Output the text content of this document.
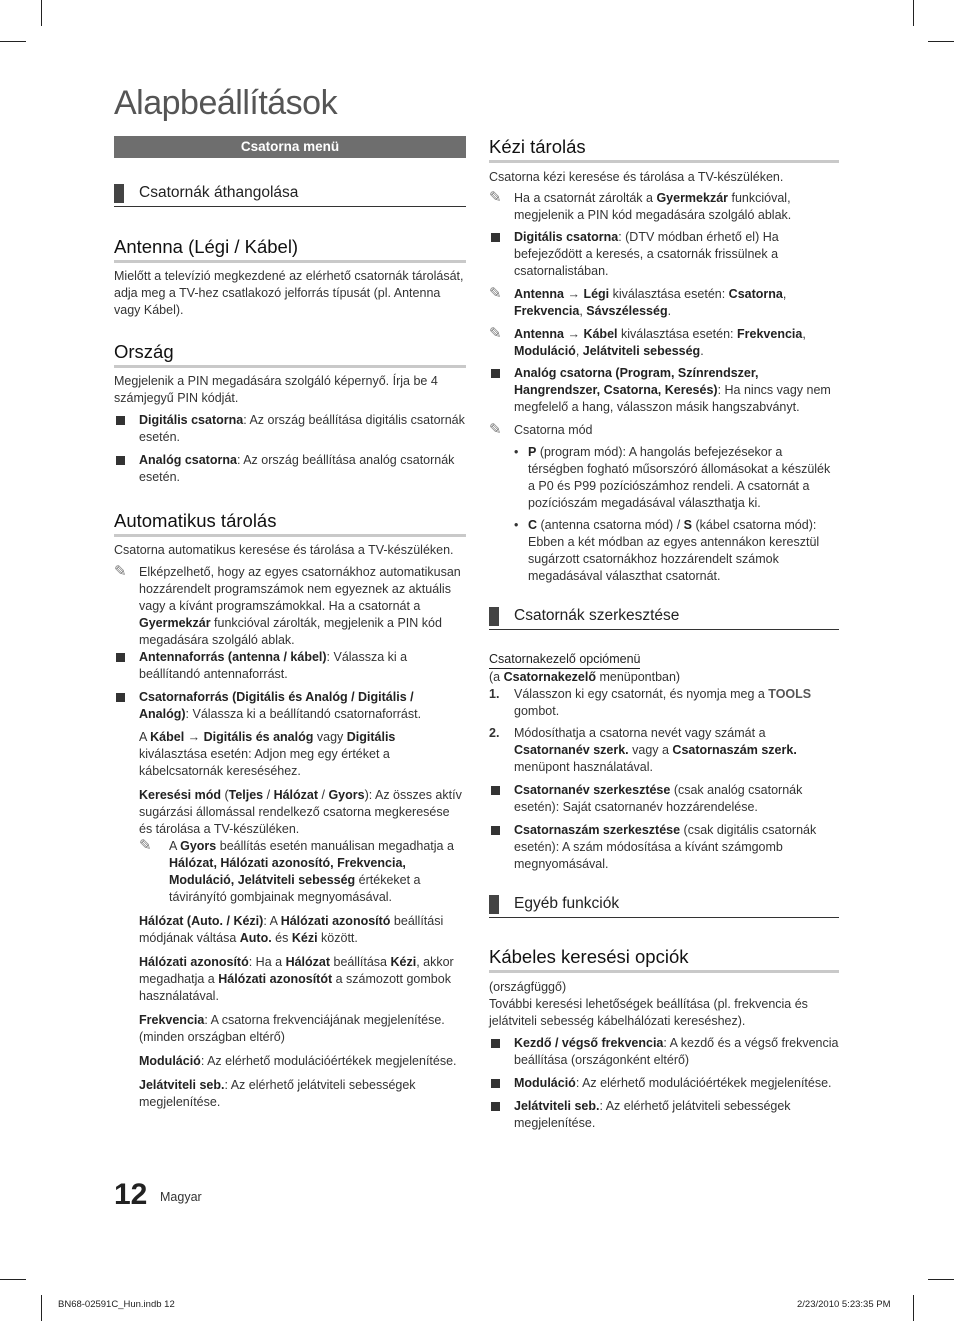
Alapbeállítások
Csatorna menü
Csatornák áthangolása
Antenna (Légi / Kábel)

Mielőtt a televízió megkezdené az elérhető csatornák tárolását, adja meg a TV-hez csatlakozó jelforrás típusát (pl. Antenna vagy Kábel).

Ország

Megjelenik a PIN megadására szolgáló képernyő. Írja be 4 számjegyű PIN kódját.

Digitális csatorna: Az ország beállítása digitális csatornák esetén.
Analóg csatorna: Az ország beállítása analóg csatornák esetén.
Automatikus tárolás

Csatorna automatikus keresése és tárolása a TV-készüléken.

✎ Elképzelhető, hogy az egyes csatornákhoz automatikusan hozzárendelt programszámok nem egyeznek az aktuális vagy a kívánt programszámokkal. Ha a csatornát a Gyermekzár funkcióval zárolták, megjelenik a PIN kód megadására szolgáló ablak.
Antennaforrás (antenna / kábel): Válassza ki a beállítandó antennaforrást.
Csatornaforrás (Digitális és Analóg / Digitális / Analóg): Válassza ki a beállítandó csatornaforrást.
A Kábel → Digitális és analóg vagy Digitális kiválasztása esetén: Adjon meg egy értéket a kábelcsatornák kereséséhez.
Keresési mód (Teljes / Hálózat / Gyors): Az összes aktív sugárzási állomással rendelkező csatorna megkeresése és tárolása a TV-készüléken.
✎ A Gyors beállítás esetén manuálisan megadhatja a Hálózat, Hálózati azonosító, Frekvencia, Moduláció, Jelátviteli sebesség értékeket a távirányító gombjainak megnyomásával.
Hálózat (Auto. / Kézi): A Hálózati azonosító beállítási módjának váltása Auto. és Kézi között.
Hálózati azonosító: Ha a Hálózat beállítása Kézi, akkor megadhatja a Hálózati azonosítót a számozott gombok használatával.
Frekvencia: A csatorna frekvenciájának megjelenítése. (minden országban eltérő)
Moduláció: Az elérhető modulációértékek megjelenítése.
Jelátviteli seb.: Az elérhető jelátviteli sebességek megjelenítése.
Kézi tárolás

Csatorna kézi keresése és tárolása a TV-készüléken.

✎ Ha a csatornát zárolták a Gyermekzár funkcióval, megjelenik a PIN kód megadására szolgáló ablak.
Digitális csatorna: (DTV módban érhető el) Ha befejeződött a keresés, a csatornák frissülnek a csatornalistában.
✎ Antenna → Légi kiválasztása esetén: Csatorna, Frekvencia, Sávszélesség.
✎ Antenna → Kábel kiválasztása esetén: Frekvencia, Moduláció, Jelátviteli sebesség.
Analóg csatorna (Program, Színrendszer, Hangrendszer, Csatorna, Keresés): Ha nincs vagy nem megfelelő a hang, válasszon másik hangszabványt.
✎ Csatorna mód
• P (program mód): A hangolás befejezésekor a térségben fogható műsorszóró állomásokat a készülék a P0 és P99 pozíciószámhoz rendeli. A csatornát a pozíciószám megadásával választhatja ki.
• C (antenna csatorna mód) / S (kábel csatorna mód): Ebben a két módban az egyes antennákon keresztül sugárzott csatornákhoz hozzárendelt számok megadásával választhat csatornát.
Csatornák szerkesztése
Csatornakezelő opciómenü

(a Csatornakezelő menüpontban)

1. Válasszon ki egy csatornát, és nyomja meg a TOOLS gombot.
2. Módosíthatja a csatorna nevét vagy számát a Csatornanév szerk. vagy a Csatornaszám szerk. menüpont használatával.
Csatornanév szerkesztése (csak analóg csatornák esetén): Saját csatornanév hozzárendelése.
Csatornaszám szerkesztése (csak digitális csatornák esetén): A szám módosítása a kívánt számgomb megnyomásával.
Egyéb funkciók
Kábeles keresési opciók

(országfüggő)

További keresési lehetőségek beállítása (pl. frekvencia és jelátviteli sebesség kábelhálózati kereséshez).

Kezdő / végső frekvencia: A kezdő és a végső frekvencia beállítása (országonként eltérő)
Moduláció: Az elérhető modulációértékek megjelenítése.
Jelátviteli seb.: Az elérhető jelátviteli sebességek megjelenítése.
12 Magyar
BN68-02591C_Hun.indb 12	2/23/2010 5:23:35 PM
